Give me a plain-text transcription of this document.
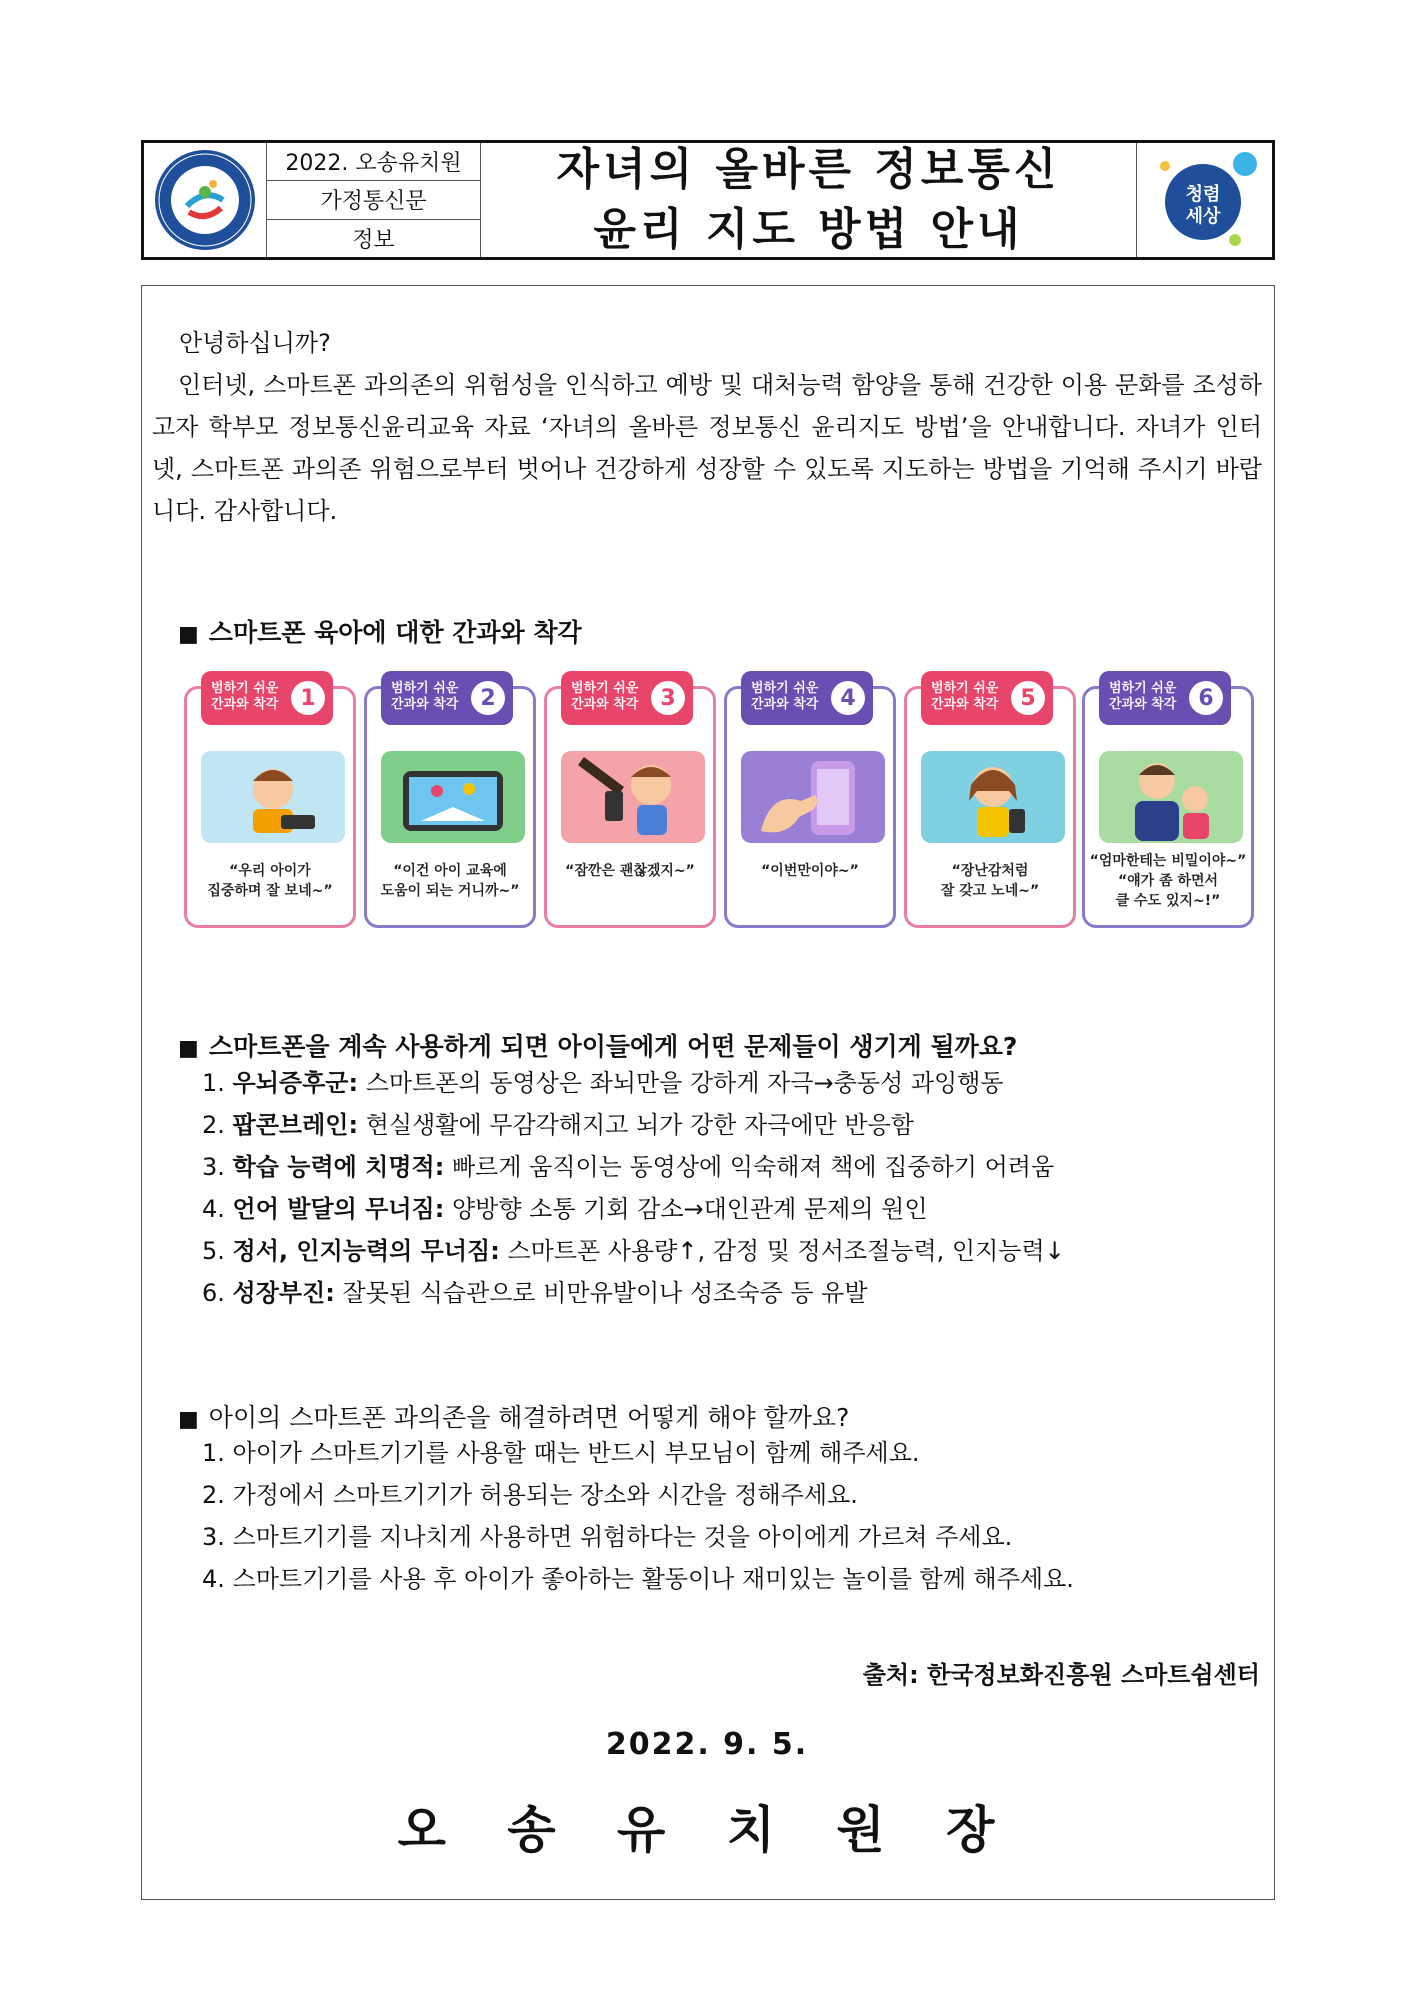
2022. 오송유치원
가정통신문
정보
자녀의 올바른 정보통신
윤리 지도 방법 안내
청렴
세상
안녕하십니까?
인터넷, 스마트폰 과의존의 위험성을 인식하고 예방 및 대처능력 함양을 통해 건강한 이용 문화를 조성하고자 학부모 정보통신윤리교육 자료 ‘자녀의 올바른 정보통신 윤리지도 방법’을 안내합니다. 자녀가 인터넷, 스마트폰 과의존 위험으로부터 벗어나 건강하게 성장할 수 있도록 지도하는 방법을 기억해 주시기 바랍니다. 감사합니다.
■ 스마트폰 육아에 대한 간과와 착각
범하기 쉬운
간과와 착각	1
“우리 아이가
집중하며 잘 보네~”
범하기 쉬운
간과와 착각	2
“이건 아이 교육에
도움이 되는 거니까~”
범하기 쉬운
간과와 착각	3
“잠깐은 괜찮겠지~”
범하기 쉬운
간과와 착각	4
“이번만이야~”
범하기 쉬운
간과와 착각	5
“장난감처럼
잘 갖고 노네~”
범하기 쉬운
간과와 착각	6
“엄마한테는 비밀이야~”
“얘가 좀 하면서
클 수도 있지~!”
■ 스마트폰을 계속 사용하게 되면 아이들에게 어떤 문제들이 생기게 될까요?
1. 우뇌증후군: 스마트폰의 동영상은 좌뇌만을 강하게 자극→충동성 과잉행동
2. 팝콘브레인: 현실생활에 무감각해지고 뇌가 강한 자극에만 반응함
3. 학습 능력에 치명적: 빠르게 움직이는 동영상에 익숙해져 책에 집중하기 어려움
4. 언어 발달의 무너짐: 양방향 소통 기회 감소→대인관계 문제의 원인
5. 정서, 인지능력의 무너짐: 스마트폰 사용량↑, 감정 및 정서조절능력, 인지능력↓
6. 성장부진: 잘못된 식습관으로 비만유발이나 성조숙증 등 유발
■ 아이의 스마트폰 과의존을 해결하려면 어떻게 해야 할까요?
1. 아이가 스마트기기를 사용할 때는 반드시 부모님이 함께 해주세요.
2. 가정에서 스마트기기가 허용되는 장소와 시간을 정해주세요.
3. 스마트기기를 지나치게 사용하면 위험하다는 것을 아이에게 가르쳐 주세요.
4. 스마트기기를 사용 후 아이가 좋아하는 활동이나 재미있는 놀이를 함께 해주세요.
출처: 한국정보화진흥원 스마트쉼센터
2022. 9. 5.
오 송 유 치 원 장
